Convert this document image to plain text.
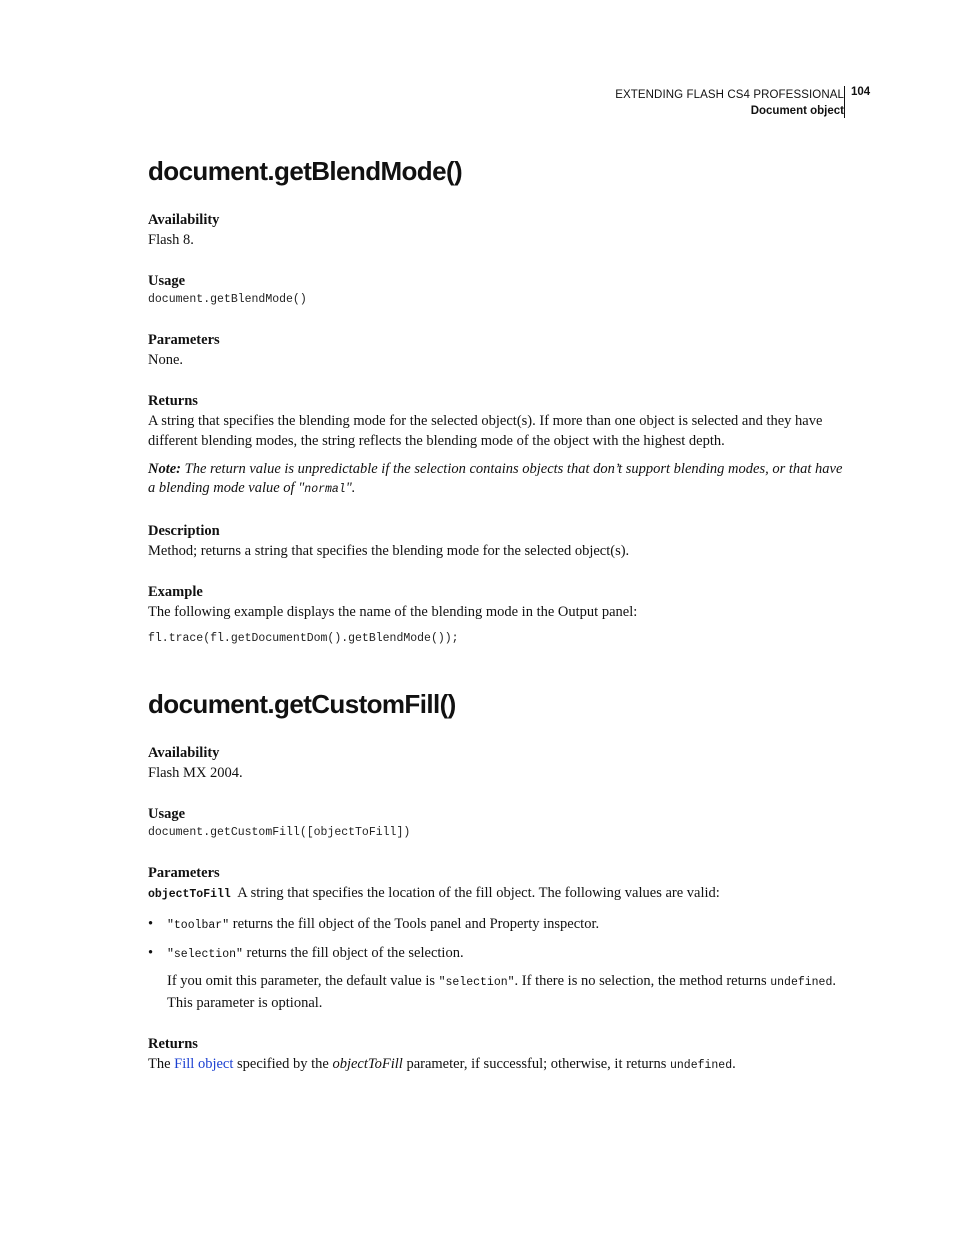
EXTENDING FLASH CS4 PROFESSIONAL
Document object
104
document.getBlendMode()

Availability

Flash 8.

Usage

document.getBlendMode()

Parameters

None.

Returns

A string that specifies the blending mode for the selected object(s). If more than one object is selected and they have different blending modes, the string reflects the blending mode of the object with the highest depth.

Note: The return value is unpredictable if the selection contains objects that don’t support blending modes, or that have a blending mode value of "normal".

Description

Method; returns a string that specifies the blending mode for the selected object(s).

Example

The following example displays the name of the blending mode in the Output panel:

fl.trace(fl.getDocumentDom().getBlendMode());

document.getCustomFill()

Availability

Flash MX 2004.

Usage

document.getCustomFill([objectToFill])

Parameters

objectToFill A string that specifies the location of the fill object. The following values are valid:

• "toolbar" returns the fill object of the Tools panel and Property inspector.

• "selection" returns the fill object of the selection.

If you omit this parameter, the default value is "selection". If there is no selection, the method returns undefined. This parameter is optional.

Returns

The Fill object specified by the objectToFill parameter, if successful; otherwise, it returns undefined.
